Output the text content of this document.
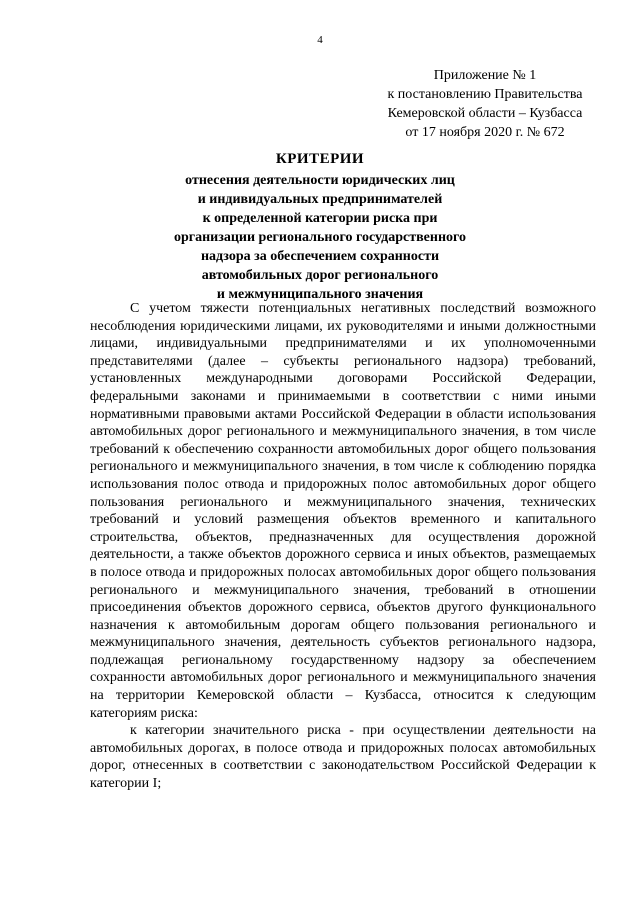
4
Приложение № 1
к постановлению Правительства
Кемеровской области – Кузбасса
от 17 ноября 2020 г. № 672
КРИТЕРИИ
отнесения деятельности юридических лиц
и индивидуальных предпринимателей
к определенной категории риска при
организации регионального государственного
надзора за обеспечением сохранности
автомобильных дорог регионального
и межмуниципального значения

С учетом тяжести потенциальных негативных последствий возможного несоблюдения юридическими лицами, их руководителями и иными должностными лицами, индивидуальными предпринимателями и их уполномоченными представителями (далее – субъекты регионального надзора) требований, установленных международными договорами Российской Федерации, федеральными законами и принимаемыми в соответствии с ними иными нормативными правовыми актами Российской Федерации в области использования автомобильных дорог регионального и межмуниципального значения, в том числе требований к обеспечению сохранности автомобильных дорог общего пользования регионального и межмуниципального значения, в том числе к соблюдению порядка использования полос отвода и придорожных полос автомобильных дорог общего пользования регионального и межмуниципального значения, технических требований и условий размещения объектов временного и капитального строительства, объектов, предназначенных для осуществления дорожной деятельности, а также объектов дорожного сервиса и иных объектов, размещаемых в полосе отвода и придорожных полосах автомобильных дорог общего пользования регионального и межмуниципального значения, требований в отношении присоединения объектов дорожного сервиса, объектов другого функционального назначения к автомобильным дорогам общего пользования регионального и межмуниципального значения, деятельность субъектов регионального надзора, подлежащая региональному государственному надзору за обеспечением сохранности автомобильных дорог регионального и межмуниципального значения на территории Кемеровской области – Кузбасса, относится к следующим категориям риска:

к категории значительного риска - при осуществлении деятельности на автомобильных дорогах, в полосе отвода и придорожных полосах автомобильных дорог, отнесенных в соответствии с законодательством Российской Федерации к категории I;
